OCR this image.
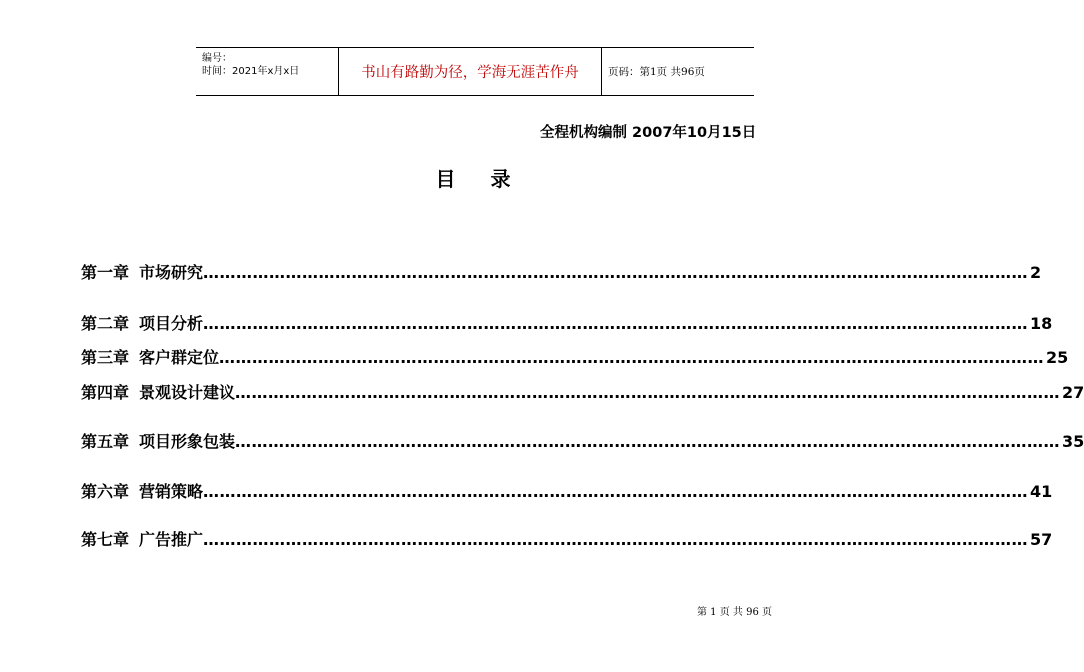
编号：
时间：2021年x月x日	书山有路勤为径，学海无涯苦作舟	页码：第1页 共96页
全程机构编制 2007年10月15日
目 录
第一章 市场研究 …………………………………………………………………………………………………………………………………… 2
第二章 项目分析 …………………………………………………………………………………………………………………………………… 18
第三章 客户群定位 …………………………………………………………………………………………………………………………………… 25
第四章 景观设计建议 …………………………………………………………………………………………………………………………………… 27
第五章 项目形象包装 …………………………………………………………………………………………………………………………………… 35
第六章 营销策略 …………………………………………………………………………………………………………………………………… 41
第七章 广告推广 …………………………………………………………………………………………………………………………………… 57
第 1 页 共 96 页
